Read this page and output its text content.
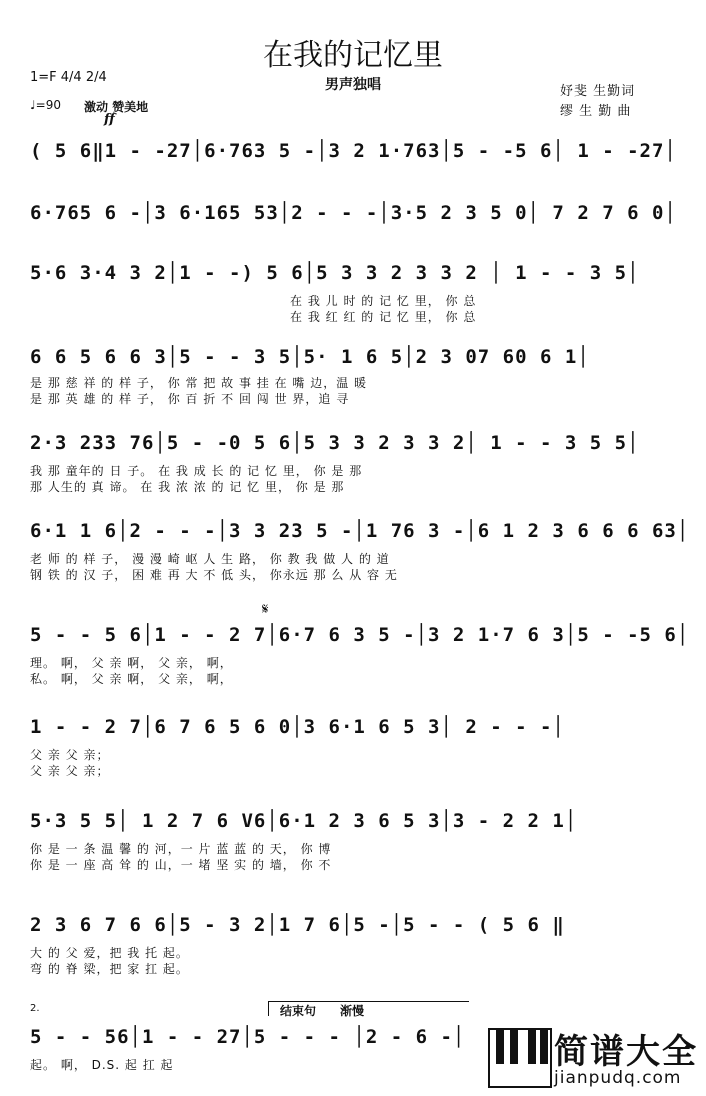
在我的记忆里
男声独唱
1=F 4/4 2/4
♩=90 激动 赞美地
ff
妤斐 生勤词
缪 生 勤 曲
( 5 6‖1 - -27│6·763 5 -│3 2 1·763│5 - -5 6│ 1 - -27│
6·765 6 -│3 6·165 53│2 - - -│3·5 2 3 5 0│ 7 2 7 6 0│
5·6 3·4 3 2│1 - -) 5 6│5 3 3 2 3 3 2 │ 1 - - 3 5│
在 我 儿 时 的 记 忆 里， 你 总
在 我 红 红 的 记 忆 里， 你 总
6 6 5 6 6 3│5 - - 3 5│5· 1 6 5│2 3 07 60 6 1│
是 那 慈 祥 的 样 子， 你 常 把 故 事 挂 在 嘴 边，温 暖
是 那 英 雄 的 样 子， 你 百 折 不 回 闯 世 界，追 寻
2·3 233 76│5 - -0 5 6│5 3 3 2 3 3 2│ 1 - - 3 5 5│
我 那 童年的 日 子。 在 我 成 长 的 记 忆 里， 你 是 那
那 人生的 真 谛。 在 我 浓 浓 的 记 忆 里， 你 是 那
6·1 1 6│2 - - -│3 3 23 5 -│1 76 3 -│6 1 2 3 6 6 6 63│
老 师 的 样 子， 漫 漫 崎 岖 人 生 路， 你 教 我 做 人 的 道
钢 铁 的 汉 子， 困 难 再 大 不 低 头， 你永远 那 么 从 容 无
𝄋
5 - - 5 6│1 - - 2 7│6·7 6 3 5 -│3 2 1·7 6 3│5 - -5 6│
理。 啊， 父 亲 啊， 父 亲， 啊，
私。 啊， 父 亲 啊， 父 亲， 啊，
1 - - 2 7│6 7 6 5 6 0│3 6·1 6 5 3│ 2 - - -│
父 亲 父 亲；
父 亲 父 亲；
5·3 5 5│ 1 2 7 6 V6│6·1 2 3 6 5 3│3 - 2 2 1│
你 是 一 条 温 馨 的 河，一 片 蓝 蓝 的 天， 你 博
你 是 一 座 高 耸 的 山，一 堵 坚 实 的 墙， 你 不
2 3 6 7 6 6│5 - 3 2│1 7 6│5 -│5 - - ( 5 6 ‖
大 的 父 爱，把 我 托 起。
弯 的 脊 梁，把 家 扛 起。
2.	结束句 渐慢
5 - - 56│1 - - 27│5 - - - │2 - 6 -│
起。 啊， D.S. 起 扛 起	简谱大全
jianpudq.com
